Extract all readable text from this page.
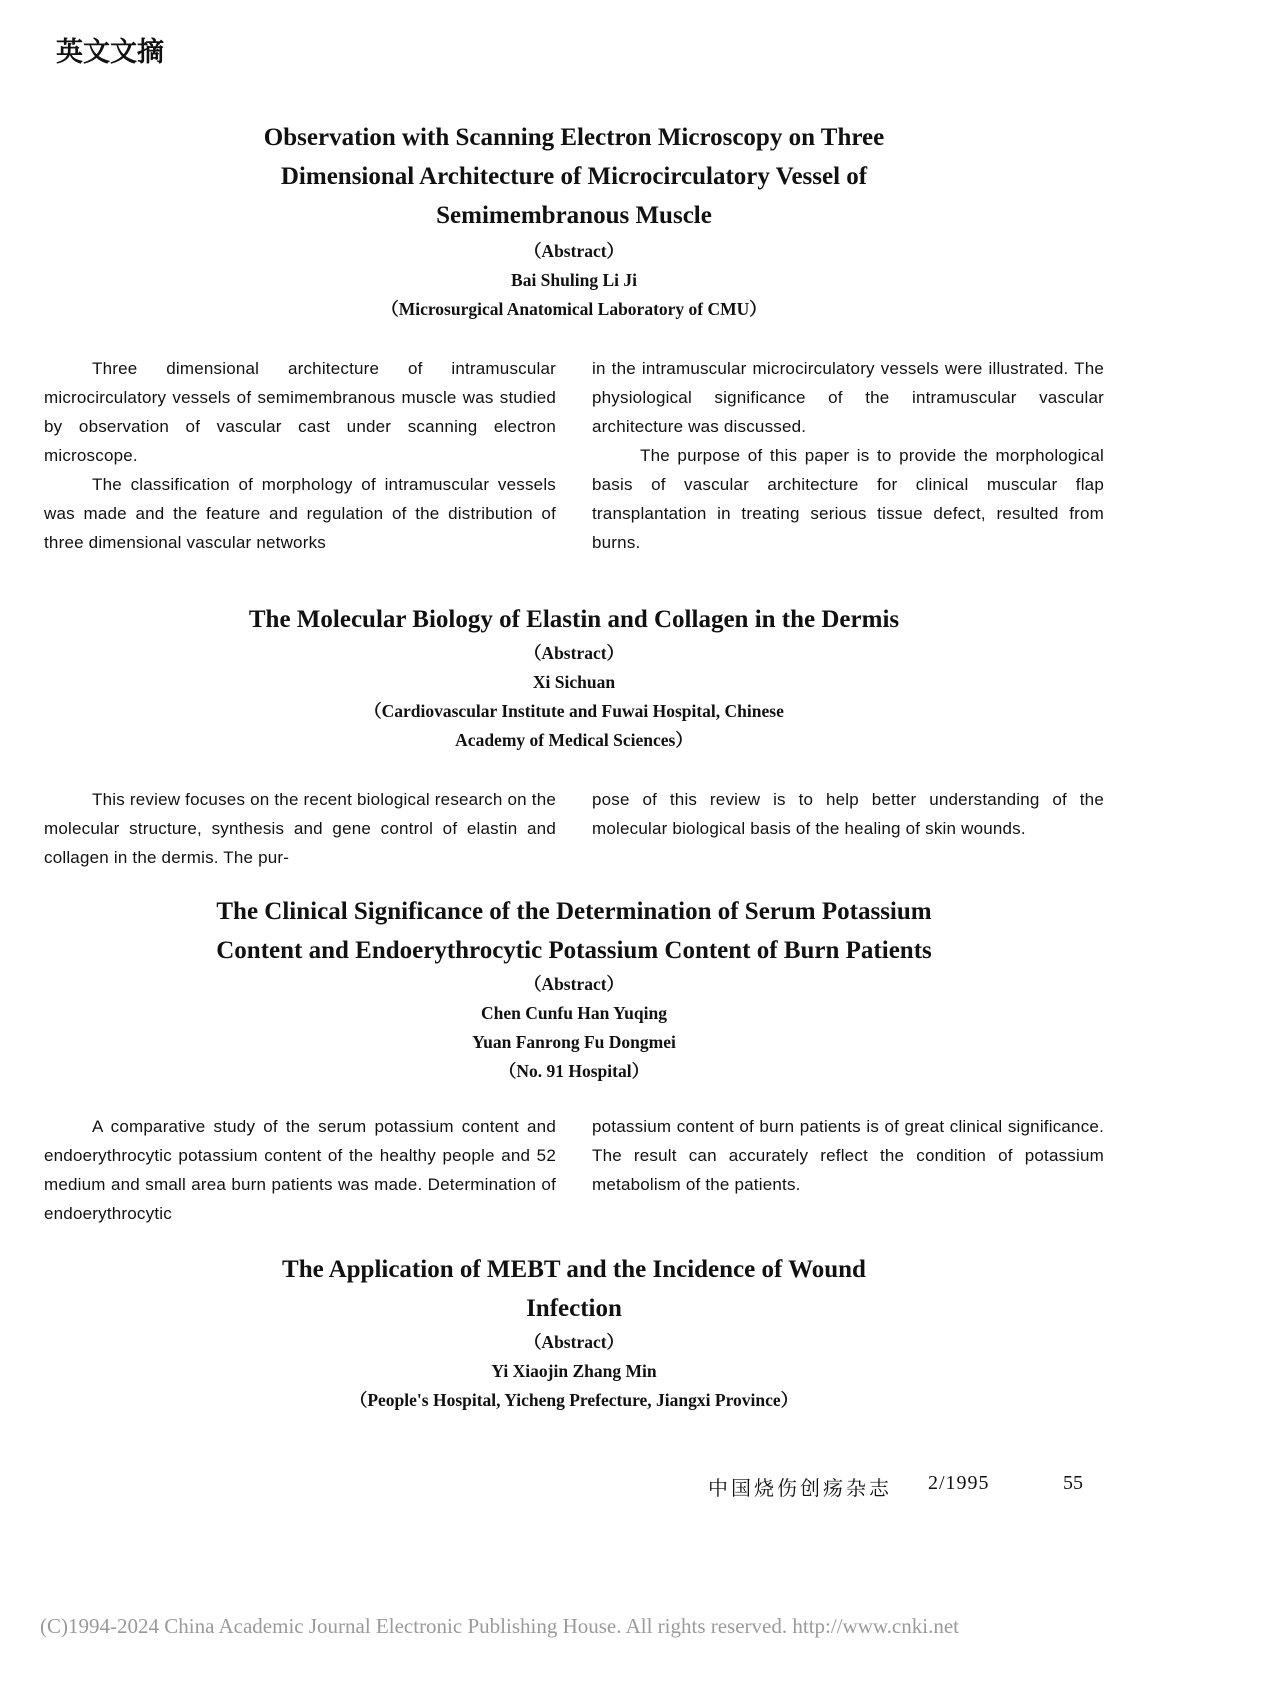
英文文摘
Observation with Scanning Electron Microscopy on Three
Dimensional Architecture of Microcirculatory Vessel of
Semimembranous Muscle
（Abstract）
Bai Shuling Li Ji
（Microsurgical Anatomical Laboratory of CMU）

Three dimensional architecture of intramuscular microcirculatory vessels of semimembranous muscle was studied by observation of vascular cast under scanning electron microscope.

The classification of morphology of intramuscular vessels was made and the feature and regulation of the distribution of three dimensional vascular networks

in the intramuscular microcirculatory vessels were illustrated. The physiological significance of the intramuscular vascular architecture was discussed.

The purpose of this paper is to provide the morphological basis of vascular architecture for clinical muscular flap transplantation in treating serious tissue defect, resulted from burns.

The Molecular Biology of Elastin and Collagen in the Dermis
（Abstract）
Xi Sichuan
（Cardiovascular Institute and Fuwai Hospital, Chinese
Academy of Medical Sciences）

This review focuses on the recent biological research on the molecular structure, synthesis and gene control of elastin and collagen in the dermis. The pur-

pose of this review is to help better understanding of the molecular biological basis of the healing of skin wounds.

The Clinical Significance of the Determination of Serum Potassium
Content and Endoerythrocytic Potassium Content of Burn Patients
（Abstract）
Chen Cunfu Han Yuqing
Yuan Fanrong Fu Dongmei
（No. 91 Hospital）

A comparative study of the serum potassium content and endoerythrocytic potassium content of the healthy people and 52 medium and small area burn patients was made. Determination of endoerythrocytic

potassium content of burn patients is of great clinical significance. The result can accurately reflect the condition of potassium metabolism of the patients.

The Application of MEBT and the Incidence of Wound
Infection
（Abstract）
Yi Xiaojin Zhang Min
（People's Hospital, Yicheng Prefecture, Jiangxi Province）
中国烧伤创疡杂志 2/1995	55
(C)1994-2024 China Academic Journal Electronic Publishing House. All rights reserved. http://www.cnki.net
